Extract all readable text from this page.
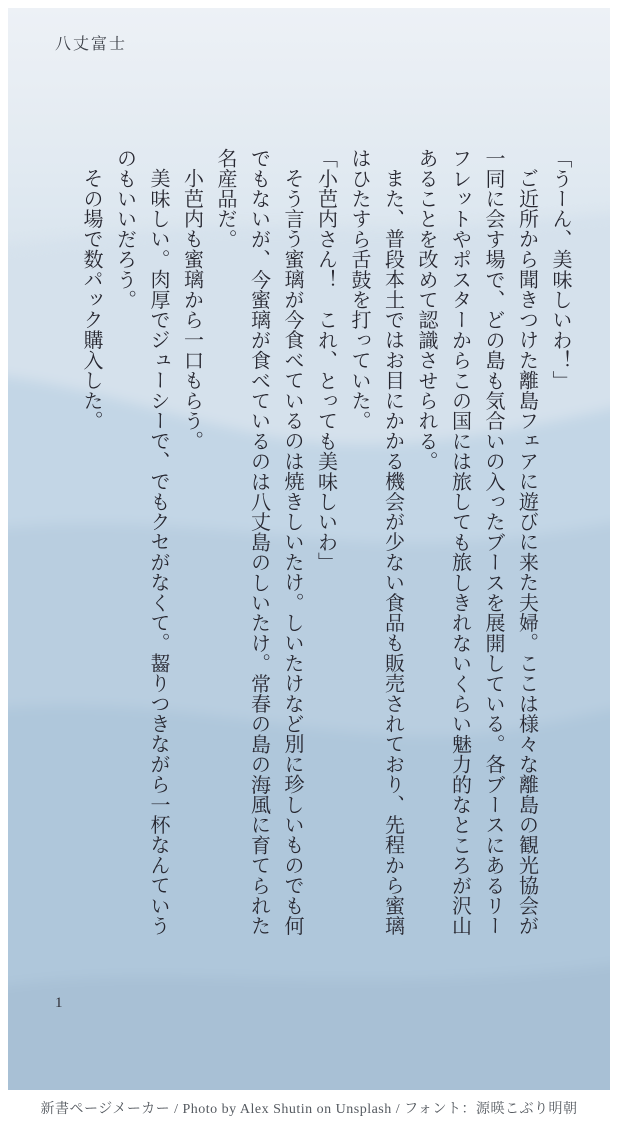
八丈富士

「うーん、美味しいわ！」

ご近所から聞きつけた離島フェアに遊びに来た夫婦。ここは様々な離島の観光協会が一同に会す場で、どの島も気合いの入ったブースを展開している。各ブースにあるリーフレットやポスターからこの国には旅しても旅しきれないくらい魅力的なところが沢山あることを改めて認識させられる。

また、普段本土ではお目にかかる機会が少ない食品も販売されており、先程から蜜璃はひたすら舌鼓を打っていた。

「小芭内さん！　これ、とっても美味しいわ」

そう言う蜜璃が今食べているのは焼きしいたけ。しいたけなど別に珍しいものでも何でもないが、今蜜璃が食べているのは八丈島のしいたけ。常春の島の海風に育てられた名産品だ。

小芭内も蜜璃から一口もらう。

美味しい。肉厚でジューシーで、でもクセがなくて。齧りつきながら一杯なんていうのもいいだろう。

その場で数パック購入した。

1
新書ページメーカー / Photo by Alex Shutin on Unsplash / フォント：源暎こぶり明朝
